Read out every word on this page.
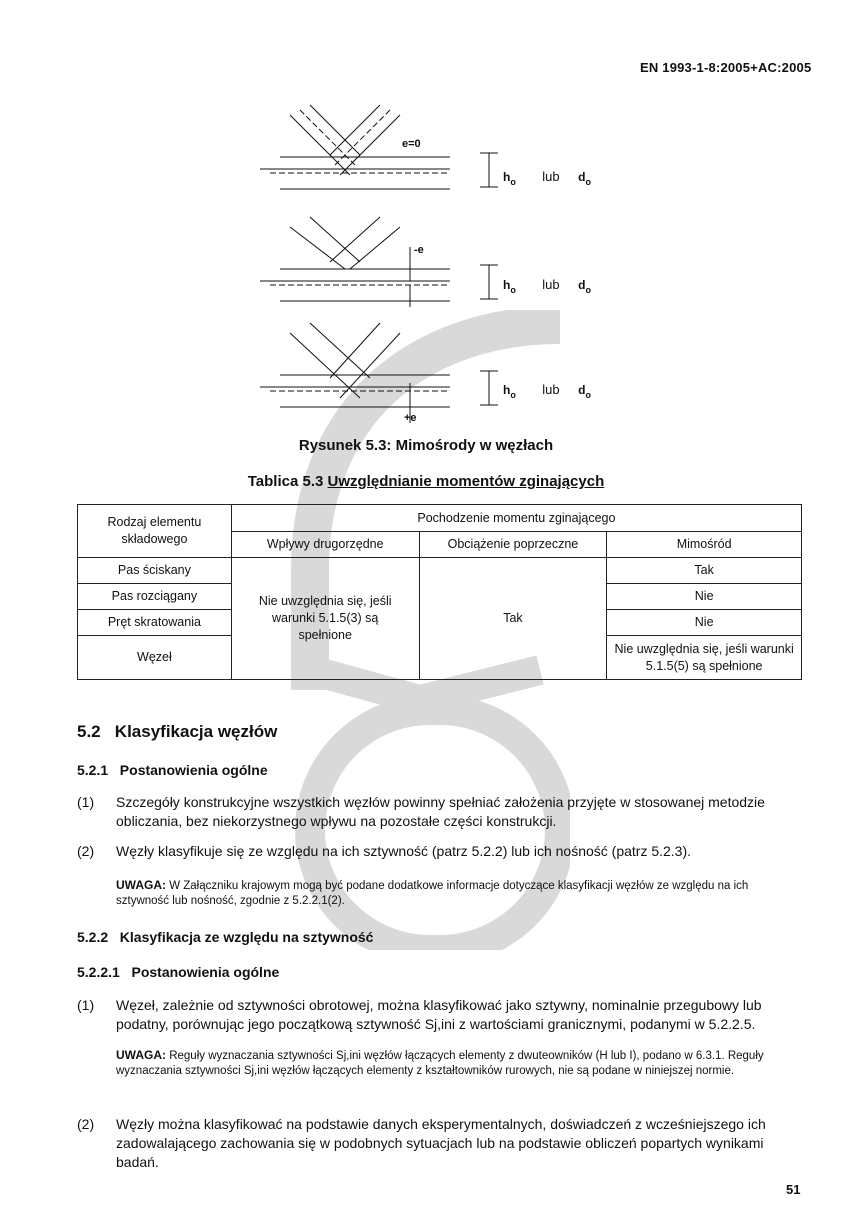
EN 1993-1-8:2005+AC:2005
e=0
-e
+e
$h_o$ lub $d_o$
$h_o$ lub $d_o$
$h_o$ lub $d_o$
Rysunek 5.3: Mimośrody w węzłach
Tablica 5.3 Uwzględnianie momentów zginających
Rodzaj elementu składowego	Pochodzenie momentu zginającego		
	Wpływy drugorzędne	Obciążenie poprzeczne	Mimośród
Pas ściskany	Nie uwzględnia się, jeśli warunki 5.1.5(3) są spełnione	Tak	Tak
Pas rozciągany			Nie
Pręt skratowania			Nie
Węzeł			Nie uwzględnia się, jeśli warunki 5.1.5(5) są spełnione
5.2   Klasyfikacja węzłów
5.2.1   Postanowienia ogólne
(1) Szczegóły konstrukcyjne wszystkich węzłów powinny spełniać założenia przyjęte w stosowanej metodzie obliczania, bez niekorzystnego wpływu na pozostałe części konstrukcji.
(2) Węzły klasyfikuje się ze względu na ich sztywność (patrz 5.2.2) lub ich nośność (patrz 5.2.3).
UWAGA: W Załączniku krajowym mogą być podane dodatkowe informacje dotyczące klasyfikacji węzłów ze względu na ich sztywność lub nośność, zgodnie z 5.2.2.1(2).
5.2.2   Klasyfikacja ze względu na sztywność
5.2.2.1   Postanowienia ogólne
(1) Węzeł, zależnie od sztywności obrotowej, można klasyfikować jako sztywny, nominalnie przegubowy lub podatny, porównując jego początkową sztywność Sj,ini z wartościami granicznymi, podanymi w 5.2.2.5.
UWAGA: Reguły wyznaczania sztywności Sj,ini węzłów łączących elementy z dwuteowników (H lub I), podano w 6.3.1. Reguły wyznaczania sztywności Sj,ini węzłów łączących elementy z kształtowników rurowych, nie są podane w niniejszej normie.
(2) Węzły można klasyfikować na podstawie danych eksperymentalnych, doświadczeń z wcześniejszego ich zadowalającego zachowania się w podobnych sytuacjach lub na podstawie obliczeń popartych wynikami badań.
51
